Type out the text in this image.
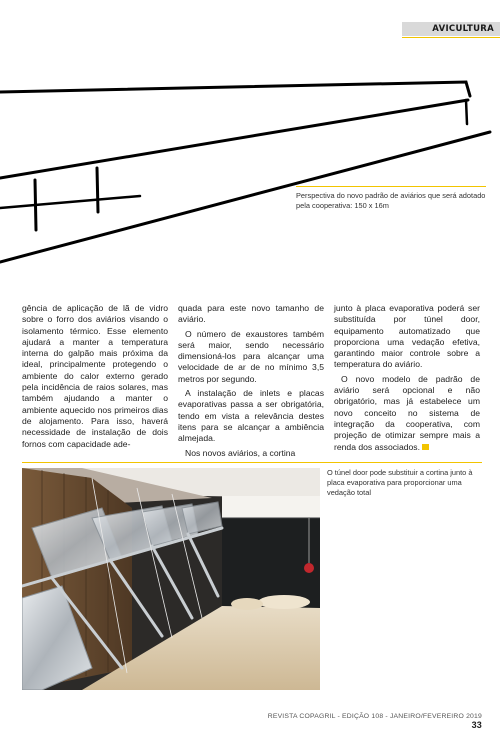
AVICULTURA
Perspectiva do novo padrão de aviários que será adotado pela cooperativa: 150 x 16m

gência de aplicação de lã de vidro sobre o forro dos aviários visando o isolamento térmico. Esse elemento ajudará a manter a temperatura interna do galpão mais próxima da ideal, principalmente protegendo o ambiente do calor externo gerado pela incidência de raios solares, mas também ajudando a manter o ambiente aquecido nos primeiros dias de alojamento. Para isso, haverá necessidade de instalação de dois fornos com capacidade ade-

quada para este novo tamanho de aviário.

O número de exaustores também será maior, sendo necessário dimensioná-los para alcançar uma velocidade de ar de no mínimo 3,5 metros por segundo.

A instalação de inlets e placas evaporativas passa a ser obrigatória, tendo em vista a relevância destes itens para se alcançar a ambiência almejada.

Nos novos aviários, a cortina

junto à placa evaporativa poderá ser substituída por túnel door, equipamento automatizado que proporciona uma vedação efetiva, garantindo maior controle sobre a temperatura do aviário.

O novo modelo de padrão de aviário será opcional e não obrigatório, mas já estabelece um novo conceito no sistema de integração da cooperativa, com projeção de otimizar sempre mais a renda dos associados.

O túnel door pode substituir a cortina junto à placa evaporativa para proporcionar uma vedação total
REVISTA COPAGRIL - EDIÇÃO 108 - JANEIRO/FEVEREIRO 2019 33
